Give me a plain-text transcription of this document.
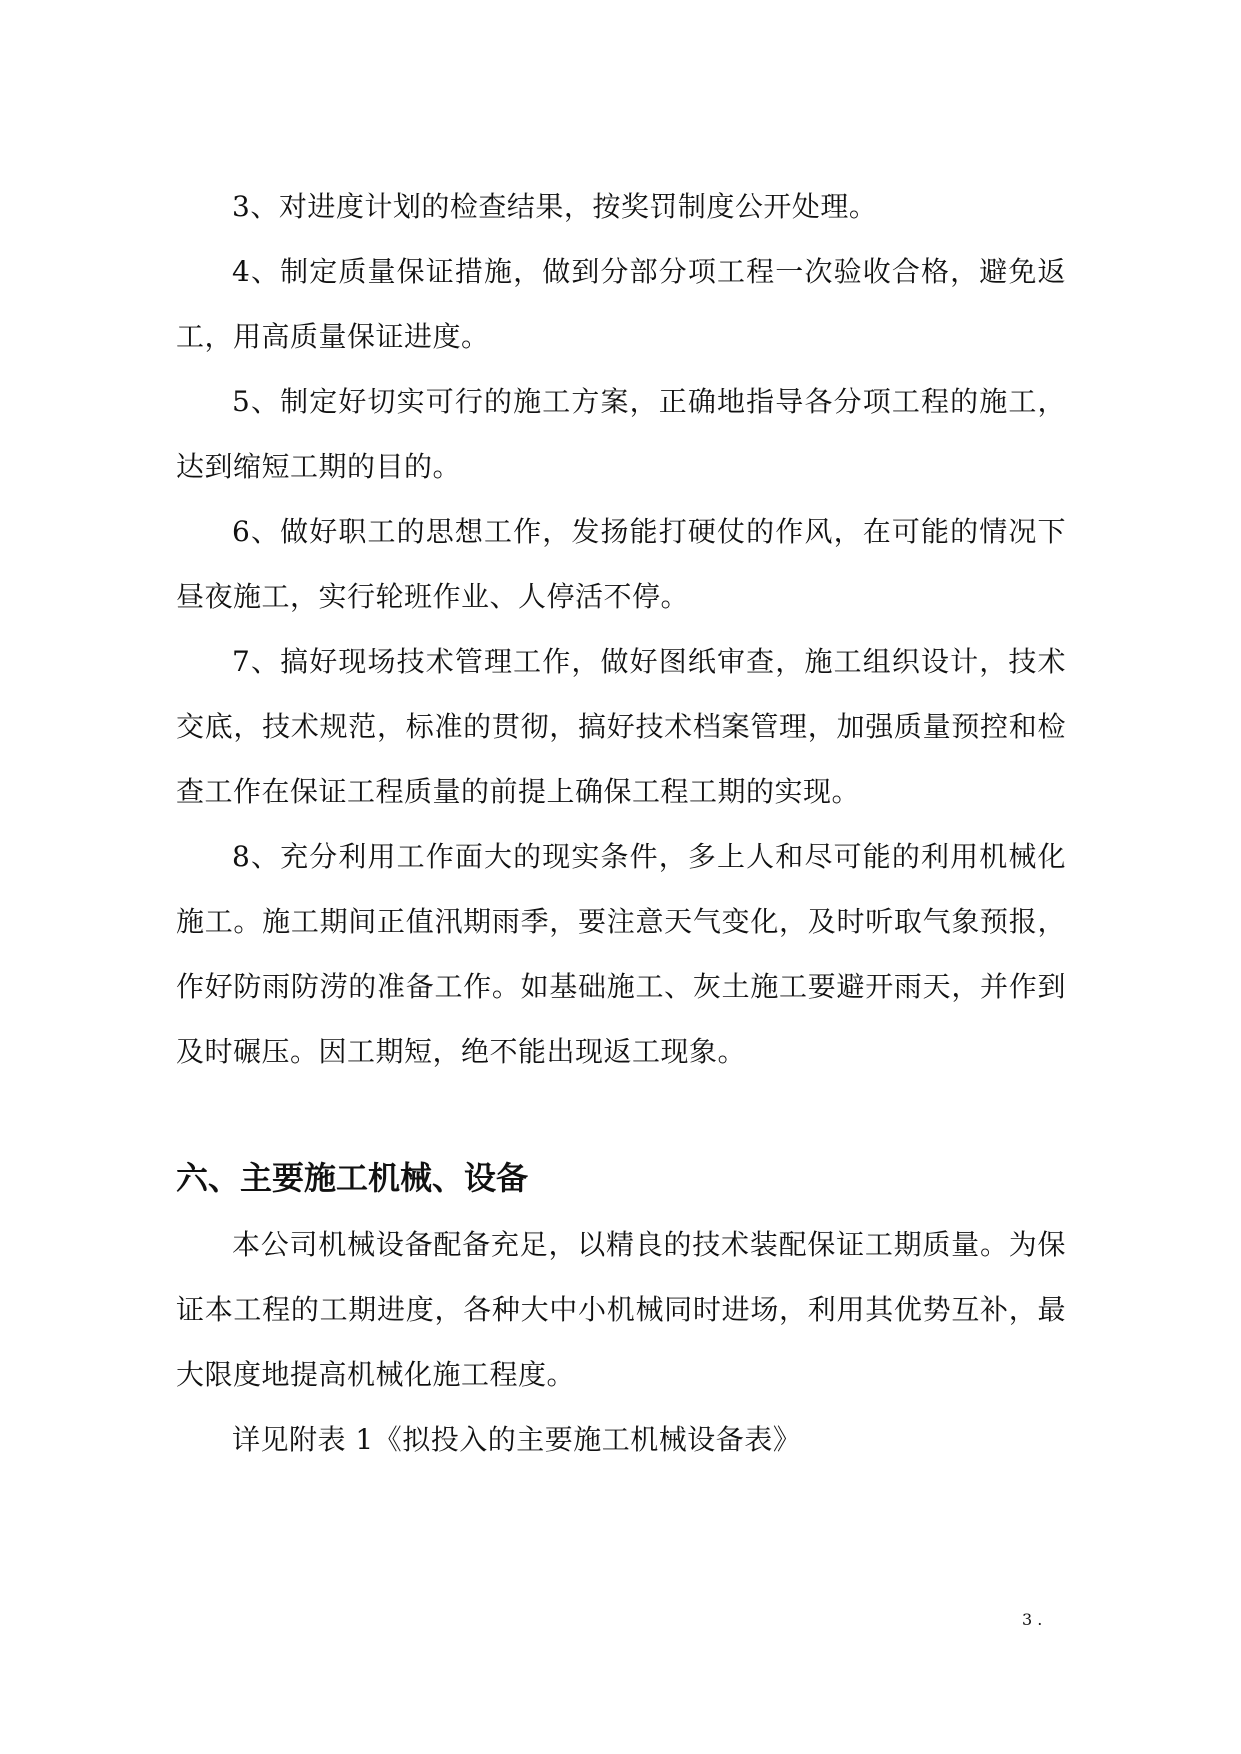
3、对进度计划的检查结果，按奖罚制度公开处理。

4、制定质量保证措施，做到分部分项工程一次验收合格，避免返工，用高质量保证进度。

5、制定好切实可行的施工方案，正确地指导各分项工程的施工，达到缩短工期的目的。

6、做好职工的思想工作，发扬能打硬仗的作风，在可能的情况下昼夜施工，实行轮班作业、人停活不停。

7、搞好现场技术管理工作，做好图纸审查，施工组织设计，技术交底，技术规范，标准的贯彻，搞好技术档案管理，加强质量预控和检查工作在保证工程质量的前提上确保工程工期的实现。

8、充分利用工作面大的现实条件，多上人和尽可能的利用机械化施工。施工期间正值汛期雨季，要注意天气变化，及时听取气象预报，作好防雨防涝的准备工作。如基础施工、灰土施工要避开雨天，并作到及时碾压。因工期短，绝不能出现返工现象。

六、主要施工机械、设备

本公司机械设备配备充足，以精良的技术装配保证工期质量。为保证本工程的工期进度，各种大中小机械同时进场，利用其优势互补，最大限度地提高机械化施工程度。

详见附表 1《拟投入的主要施工机械设备表》

3 .
